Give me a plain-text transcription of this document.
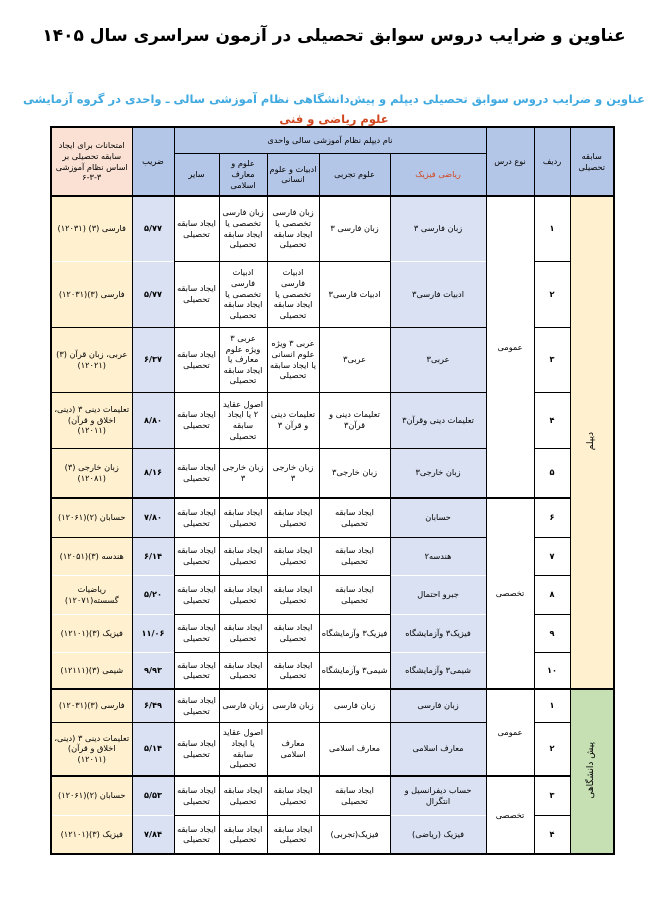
عناوین و ضرایب دروس سوابق تحصیلی در آزمون سراسری سال ۱۴۰۵
عناوین و ضرایب دروس سوابق تحصیلی دیپلم و پیش‌دانشگاهی نظام آموزشی سالی ـ واحدی در گروه آزمایشی
علوم ریاضی و فنی
سابقه تحصیلی	ردیف	نوع درس	نام دیپلم نظام آموزشی سالی واحدی					ضریب	امتحانات برای ایجاد سابقه تحصیلی بر اساس نظام آموزشی ۳-۳-۶
			ریاضی فیزیک	علوم تجربی	ادبیات و علوم انسانی	علوم و معارف اسلامی	سایر		
دیپلم	۱	عمومی	زبان فارسی ۳	زبان فارسی ۳	زبان فارسی تخصصی یا ایجاد سابقه تحصیلی	زبان فارسی تخصصی یا ایجاد سابقه تحصیلی	ایجاد سابقه تحصیلی	۵/۷۷	فارسی (۳) (۱۲۰۳۱)
	۲		ادبیات فارسی۳	ادبیات فارسی۳	ادبیات فارسی تخصصی یا ایجاد سابقه تحصیلی	ادبیات فارسی تخصصی یا ایجاد سابقه تحصیلی	ایجاد سابقه تحصیلی	۵/۷۷	فارسی (۳)(۱۲۰۳۱)
	۳		عربی۳	عربی۳	عربی ۳ ویژه علوم انسانی یا ایجاد سابقه تحصیلی	عربی ۳ ویژه علوم معارف یا ایجاد سابقه تحصیلی	ایجاد سابقه تحصیلی	۶/۳۷	عربی، زبان قرآن (۳)(۱۲۰۲۱)
	۴		تعلیمات دینی وقرآن۳	تعلیمات دینی و قرآن۳	تعلیمات دینی و قرآن ۳	اصول عقاید ۲ یا ایجاد سابقه تحصیلی	ایجاد سابقه تحصیلی	۸/۸۰	تعلیمات دینی ۳ (دینی، اخلاق و قرآن)(۱۲۰۱۱)
	۵		زبان خارجی۳	زبان خارجی۳	زبان خارجی ۳	زبان خارجی ۳	ایجاد سابقه تحصیلی	۸/۱۶	زبان خارجی (۳)(۱۲۰۸۱)
	۶	تخصصی	حسابان	ایجاد سابقه تحصیلی	ایجاد سابقه تحصیلی	ایجاد سابقه تحصیلی	ایجاد سابقه تحصیلی	۷/۸۰	حسابان (۲)(۱۲۰۶۱)
	۷		هندسه۲	ایجاد سابقه تحصیلی	ایجاد سابقه تحصیلی	ایجاد سابقه تحصیلی	ایجاد سابقه تحصیلی	۶/۱۴	هندسه (۳)(۱۲۰۵۱)
	۸		جبرو احتمال	ایجاد سابقه تحصیلی	ایجاد سابقه تحصیلی	ایجاد سابقه تحصیلی	ایجاد سابقه تحصیلی	۵/۲۰	ریاضیات گسسته(۱۲۰۷۱)
	۹		فیزیک۳ وآزمایشگاه	فیزیک۳ وآزمایشگاه	ایجاد سابقه تحصیلی	ایجاد سابقه تحصیلی	ایجاد سابقه تحصیلی	۱۱/۰۶	فیزیک (۳)(۱۲۱۰۱)
	۱۰		شیمی۳ وآزمایشگاه	شیمی۳ وآزمایشگاه	ایجاد سابقه تحصیلی	ایجاد سابقه تحصیلی	ایجاد سابقه تحصیلی	۹/۹۳	شیمی (۳)(۱۲۱۱۱)
پیش دانشگاهی	۱	عمومی	زبان فارسی	زبان فارسی	زبان فارسی	زبان فارسی	ایجاد سابقه تحصیلی	۶/۴۹	فارسی (۳)(۱۲۰۳۱)
	۲		معارف اسلامی	معارف اسلامی	معارف اسلامی	اصول عقاید یا ایجاد سابقه تحصیلی	ایجاد سابقه تحصیلی	۵/۱۴	تعلیمات دینی ۳ (دینی، اخلاق و قرآن)(۱۲۰۱۱)
	۳	تخصصی	حساب دیفرانسیل و انتگرال	ایجاد سابقه تحصیلی	ایجاد سابقه تحصیلی	ایجاد سابقه تحصیلی	ایجاد سابقه تحصیلی	۵/۵۳	حسابان (۲)(۱۲۰۶۱)
	۴		فیزیک (ریاضی)	فیزیک(تجربی)	ایجاد سابقه تحصیلی	ایجاد سابقه تحصیلی	ایجاد سابقه تحصیلی	۷/۸۴	فیزیک (۳)(۱۲۱۰۱)
